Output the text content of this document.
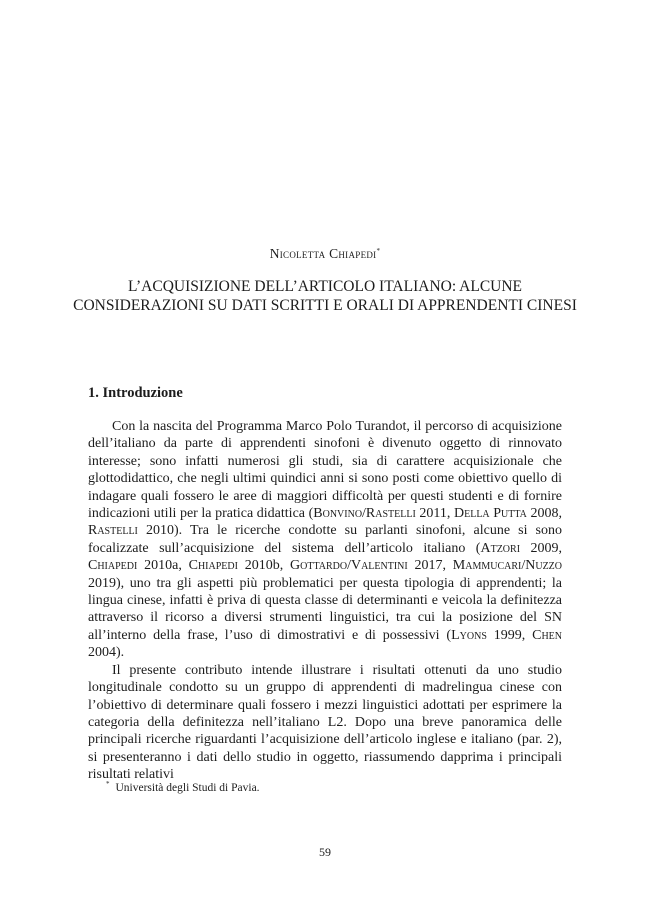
Nicoletta Chiapedi*
L’ACQUISIZIONE DELL’ARTICOLO ITALIANO: ALCUNE
CONSIDERAZIONI SU DATI SCRITTI E ORALI DI APPRENDENTI CINESI
1. Introduzione

Con la nascita del Programma Marco Polo Turandot, il percorso di acquisizione dell’italiano da parte di apprendenti sinofoni è divenuto oggetto di rinnovato interesse; sono infatti numerosi gli studi, sia di carattere acquisizionale che glottodidattico, che negli ultimi quindici anni si sono posti come obiettivo quello di indagare quali fossero le aree di maggiori difficoltà per questi studenti e di fornire indicazioni utili per la pratica didattica (Bonvino/Rastelli 2011, Della Putta 2008, Rastelli 2010). Tra le ricerche condotte su parlanti sinofoni, alcune si sono focalizzate sull’acquisizione del sistema dell’articolo italiano (Atzori 2009, Chiapedi 2010a, Chiapedi 2010b, Gottardo/Valentini 2017, Mammucari/Nuzzo 2019), uno tra gli aspetti più problematici per questa tipologia di apprendenti; la lingua cinese, infatti è priva di questa classe di determinanti e veicola la definitezza attraverso il ricorso a diversi strumenti linguistici, tra cui la posizione del SN all’interno della frase, l’uso di dimostrativi e di possessivi (Lyons 1999, Chen 2004).

Il presente contributo intende illustrare i risultati ottenuti da uno studio longitudinale condotto su un gruppo di apprendenti di madrelingua cinese con l’obiettivo di determinare quali fossero i mezzi linguistici adottati per esprimere la categoria della definitezza nell’italiano L2. Dopo una breve panoramica delle principali ricerche riguardanti l’acquisizione dell’articolo inglese e italiano (par. 2), si presenteranno i dati dello studio in oggetto, riassumendo dapprima i principali risultati relativi

* Università degli Studi di Pavia.
59
